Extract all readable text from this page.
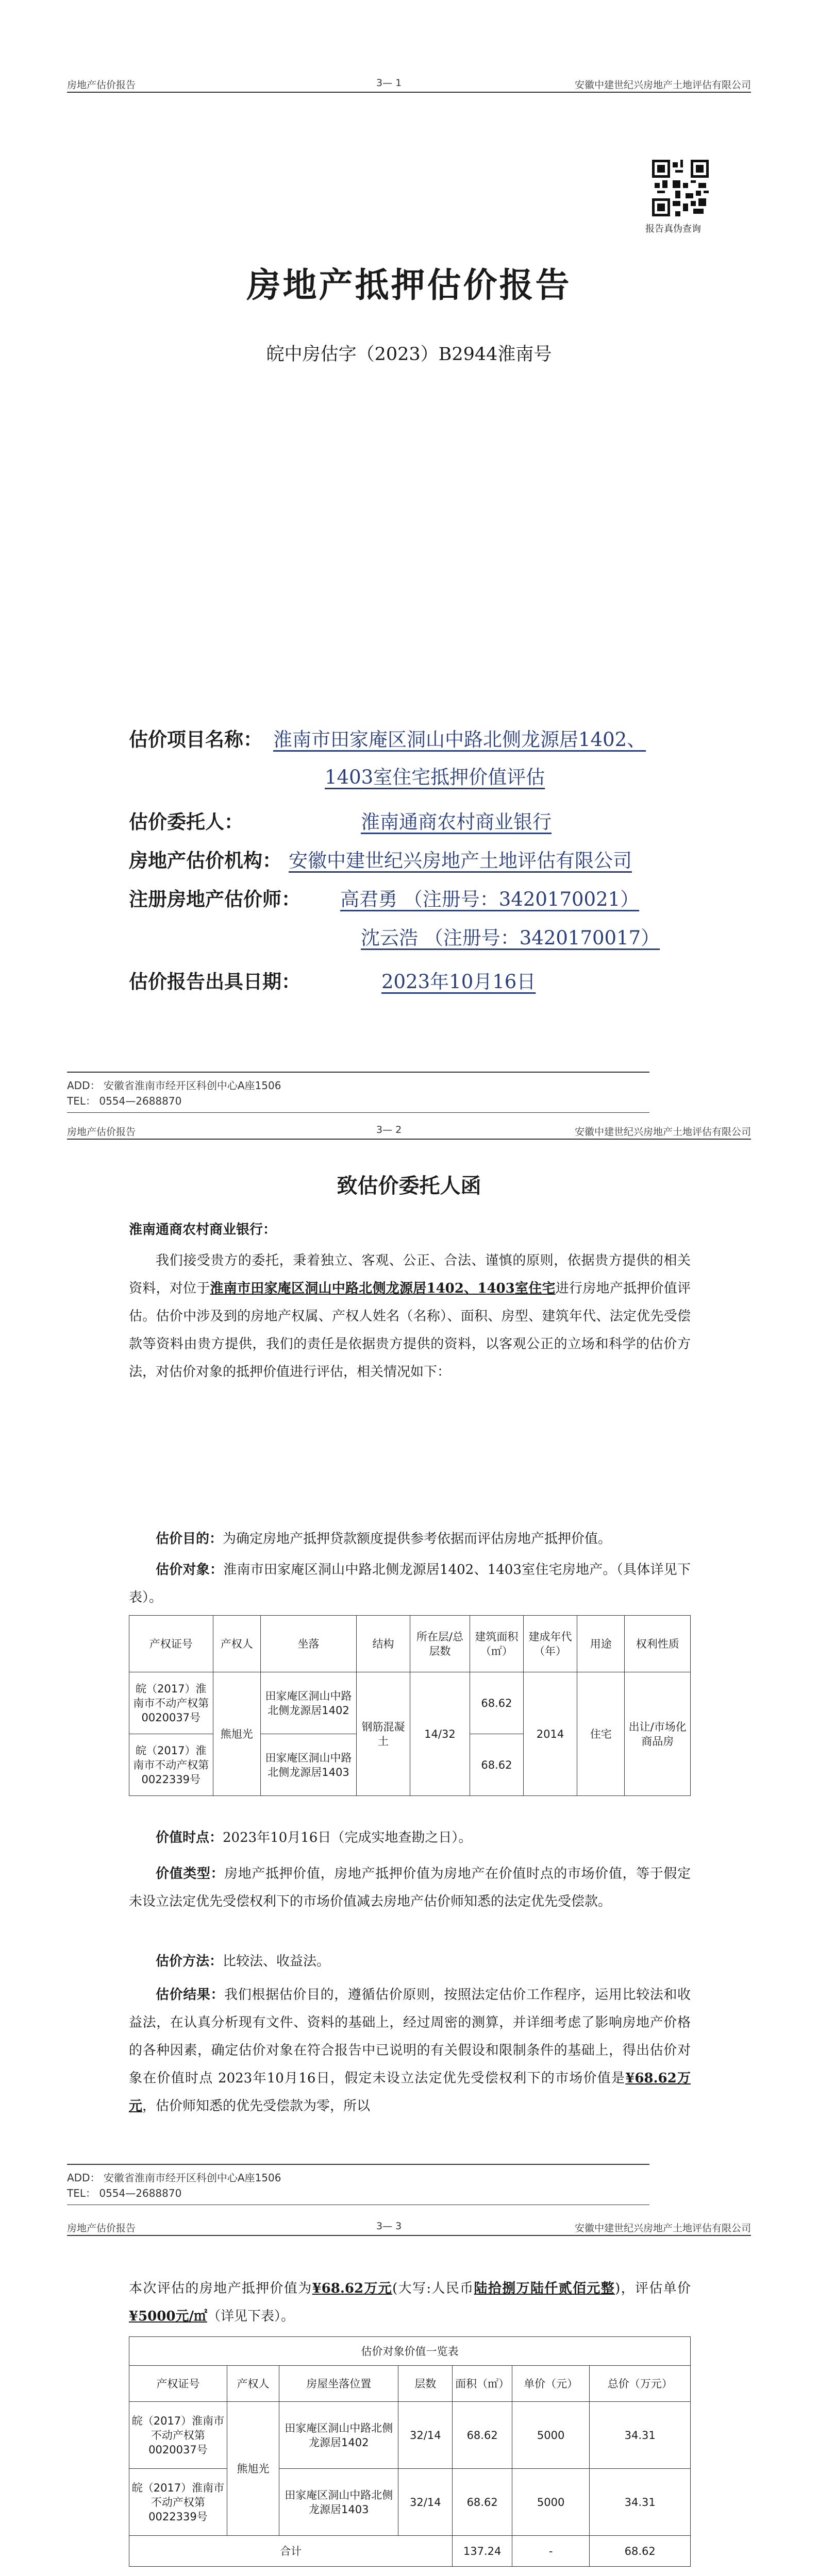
房地产估价报告	3— 1	安徽中建世纪兴房地产土地评估有限公司
报告真伪查询
房地产抵押估价报告
皖中房估字（2023）B2944淮南号
估价项目名称： 淮南市田家庵区洞山中路北侧龙源居1402、
1403室住宅抵押价值评估
估价委托人：	淮南通商农村商业银行
房地产估价机构： 安徽中建世纪兴房地产土地评估有限公司
注册房地产估价师： 高君勇 （注册号：3420170021）
沈云浩 （注册号：3420170017）
估价报告出具日期：	2023年10月16日
ADD： 安徽省淮南市经开区科创中心A座1506
TEL： 0554—2688870
房地产估价报告	3— 2	安徽中建世纪兴房地产土地评估有限公司
致估价委托人函
淮南通商农村商业银行：
我们接受贵方的委托，秉着独立、客观、公正、合法、谨慎的原则，依据贵方提供的相关资料，对位于淮南市田家庵区洞山中路北侧龙源居1402、1403室住宅进行房地产抵押价值评估。估价中涉及到的房地产权属、产权人姓名（名称）、面积、房型、建筑年代、法定优先受偿款等资料由贵方提供，我们的责任是依据贵方提供的资料，以客观公正的立场和科学的估价方法，对估价对象的抵押价值进行评估，相关情况如下：
估价目的：为确定房地产抵押贷款额度提供参考依据而评估房地产抵押价值。
估价对象：淮南市田家庵区洞山中路北侧龙源居1402、1403室住宅房地产。（具体详见下表）。
产权证号	产权人	坐落	结构	所在层/总层数	建筑面积（㎡）	建成年代（年）	用途	权利性质
皖（2017）淮南市不动产权第0020037号	熊旭光	田家庵区洞山中路北侧龙源居1402	钢筋混凝土	14/32	68.62	2014	住宅	出让/市场化商品房
皖（2017）淮南市不动产权第0022339号		田家庵区洞山中路北侧龙源居1403			68.62			
价值时点：2023年10月16日（完成实地查勘之日）。
价值类型：房地产抵押价值，房地产抵押价值为房地产在价值时点的市场价值，等于假定未设立法定优先受偿权利下的市场价值减去房地产估价师知悉的法定优先受偿款。
估价方法：比较法、收益法。
估价结果：我们根据估价目的，遵循估价原则，按照法定估价工作程序，运用比较法和收益法，在认真分析现有文件、资料的基础上，经过周密的测算，并详细考虑了影响房地产价格的各种因素，确定估价对象在符合报告中已说明的有关假设和限制条件的基础上，得出估价对象在价值时点 2023年10月16日，假定未设立法定优先受偿权利下的市场价值是¥68.62万元，估价师知悉的优先受偿款为零，所以
ADD： 安徽省淮南市经开区科创中心A座1506
TEL： 0554—2688870
房地产估价报告	3— 3	安徽中建世纪兴房地产土地评估有限公司
本次评估的房地产抵押价值为¥68.62万元(大写:人民币陆拾捌万陆仟贰佰元整)，评估单价¥5000元/㎡（详见下表）。
估价对象价值一览表						
产权证号	产权人	房屋坐落位置	层数	面积（㎡）	单价（元）	总价（万元）
皖（2017）淮南市不动产权第0020037号	熊旭光	田家庵区洞山中路北侧龙源居1402	32/14	68.62	5000	34.31
皖（2017）淮南市不动产权第0022339号		田家庵区洞山中路北侧龙源居1403	32/14	68.62	5000	34.31
合计				137.24	-	68.62
